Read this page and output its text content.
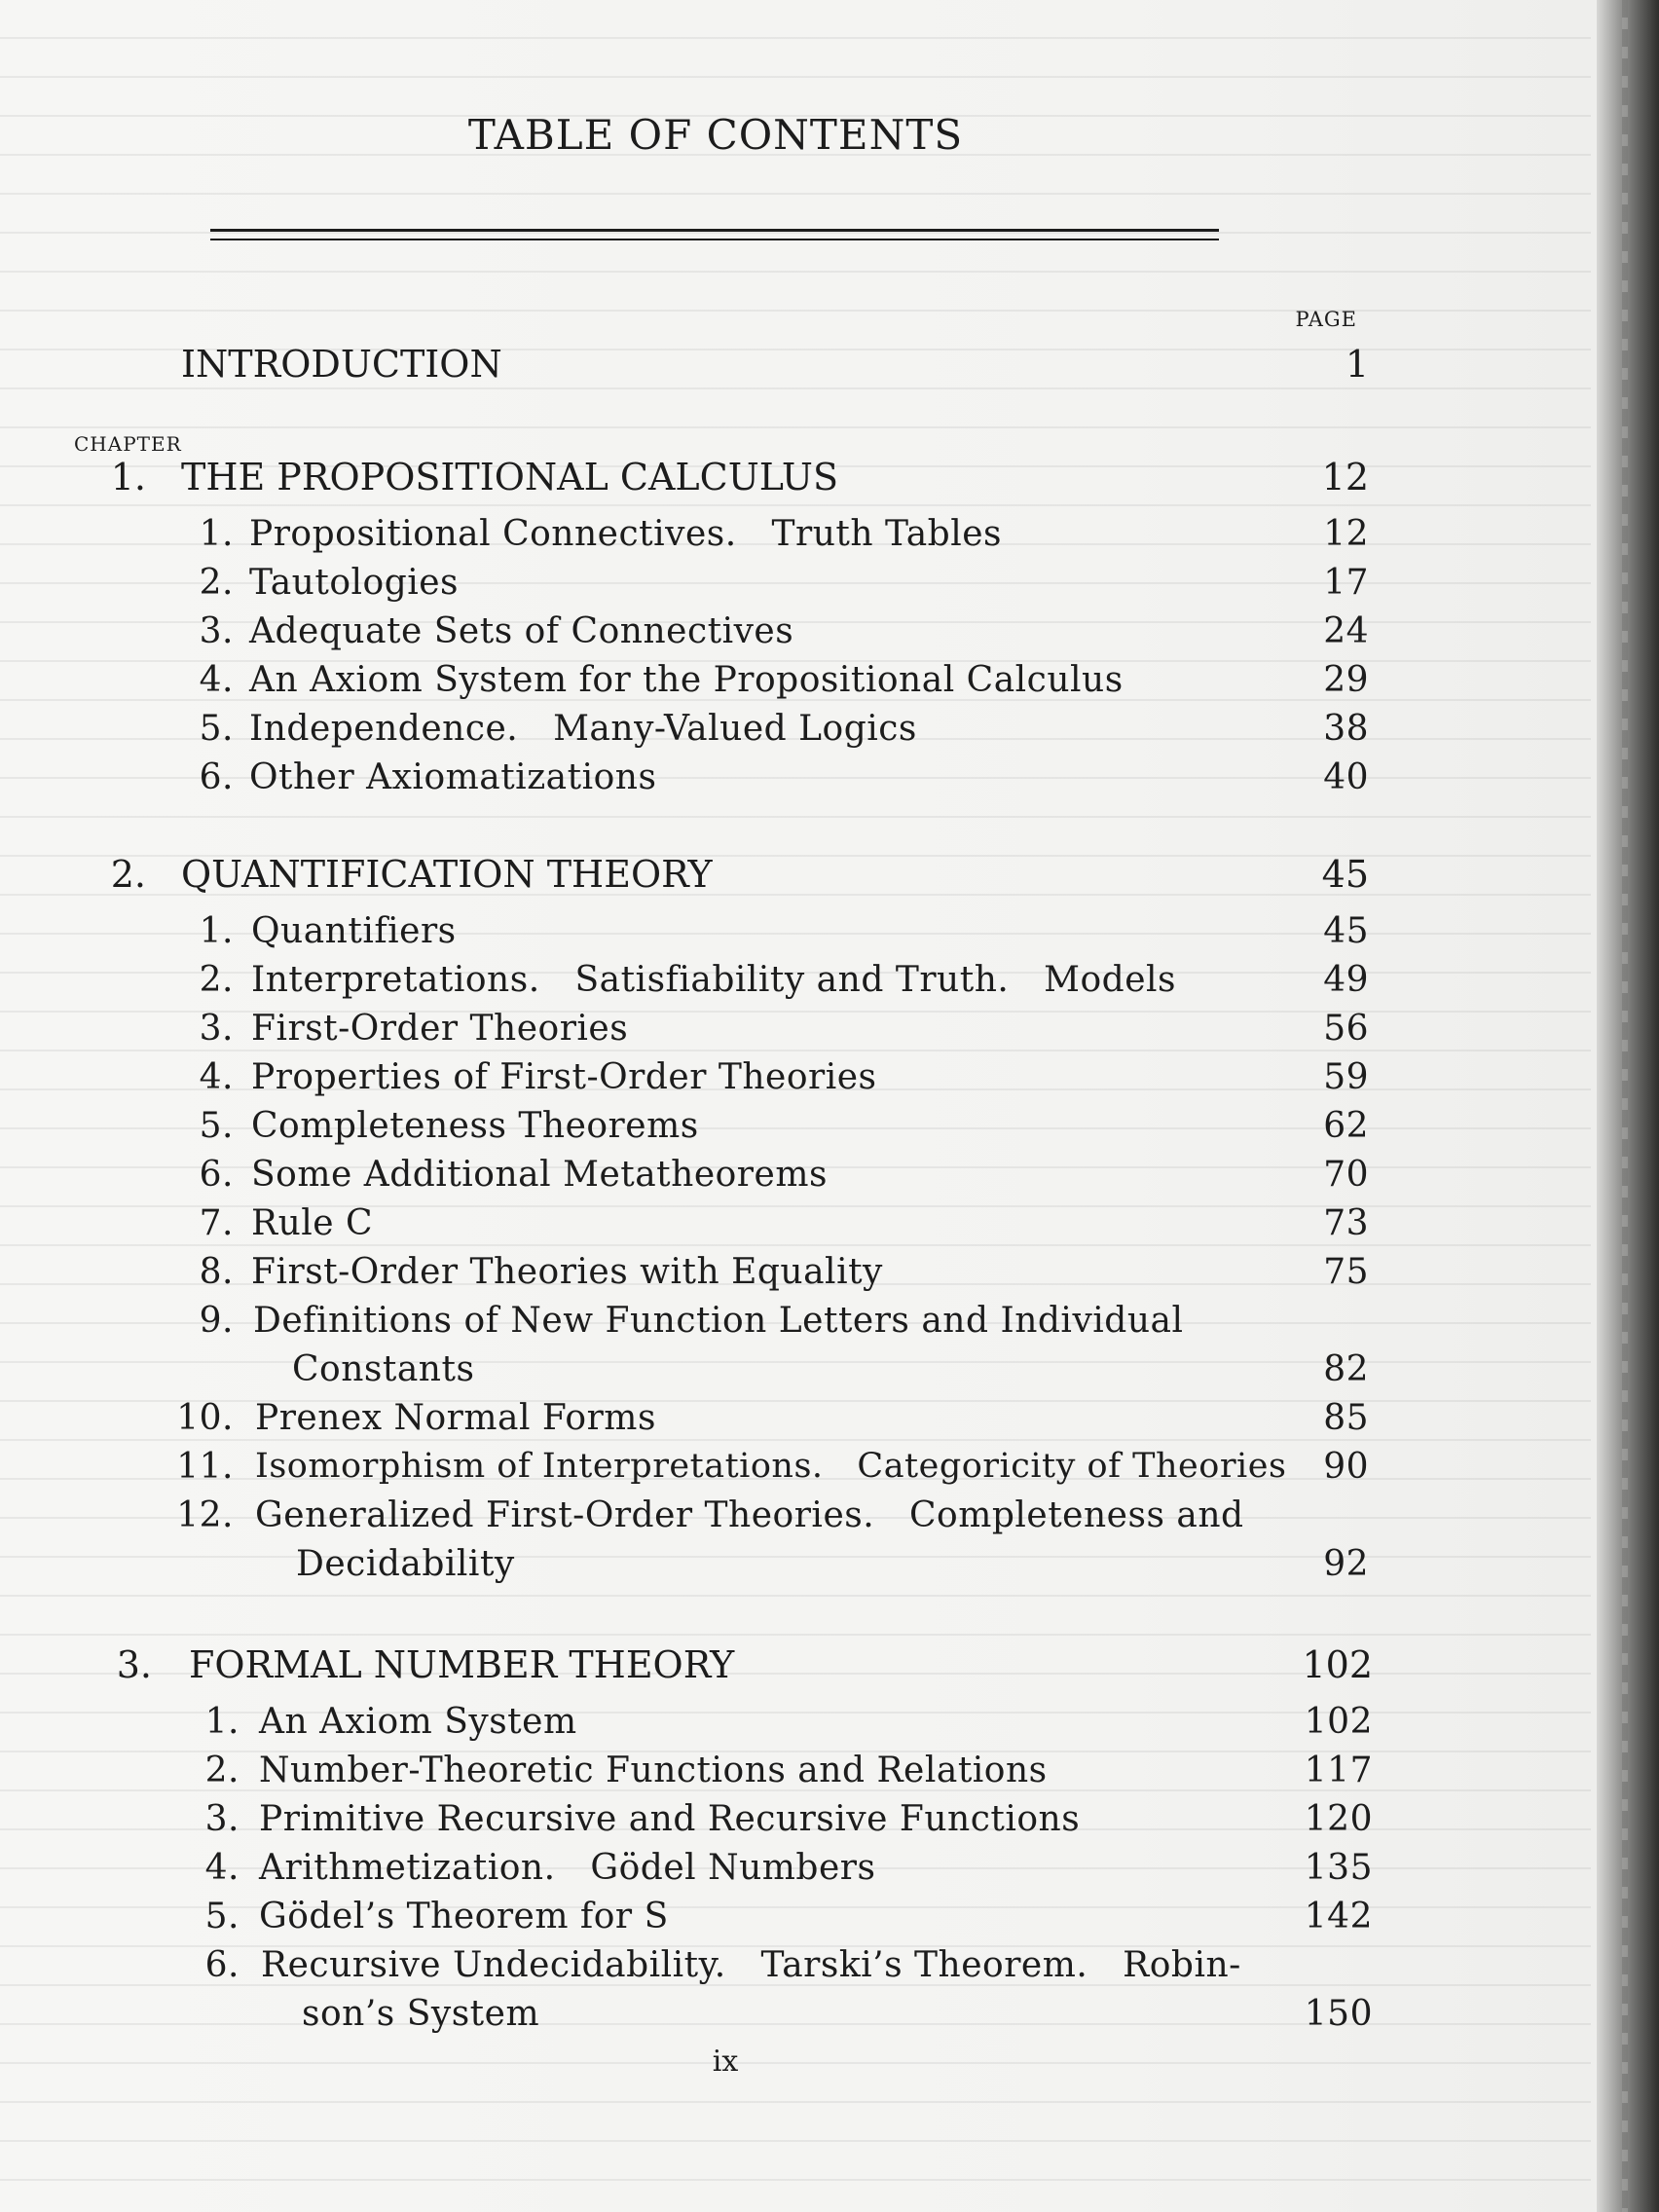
TABLE OF CONTENTS
PAGE
INTRODUCTION	1
CHAPTER
1. THE PROPOSITIONAL CALCULUS	12
1. Propositional Connectives.   Truth Tables	12
2. Tautologies	17
3. Adequate Sets of Connectives	24
4. An Axiom System for the Propositional Calculus	29
5. Independence.   Many-Valued Logics	38
6. Other Axiomatizations	40
2. QUANTIFICATION THEORY	45
1. Quantifiers	45
2. Interpretations.   Satisfiability and Truth.   Models	49
3. First-Order Theories	56
4. Properties of First-Order Theories	59
5. Completeness Theorems	62
6. Some Additional Metatheorems	70
7. Rule C	73
8. First-Order Theories with Equality	75
9. Definitions of New Function Letters and Individual
Constants	82
10. Prenex Normal Forms	85
11. Isomorphism of Interpretations.   Categoricity of Theories 90
12. Generalized First-Order Theories.   Completeness and
Decidability	92
3. FORMAL NUMBER THEORY	102
1. An Axiom System	102
2. Number-Theoretic Functions and Relations	117
3. Primitive Recursive and Recursive Functions	120
4. Arithmetization.   Gödel Numbers	135
5. Gödel’s Theorem for S	142
6. Recursive Undecidability.   Tarski’s Theorem.   Robin-
son’s System	150
ix
